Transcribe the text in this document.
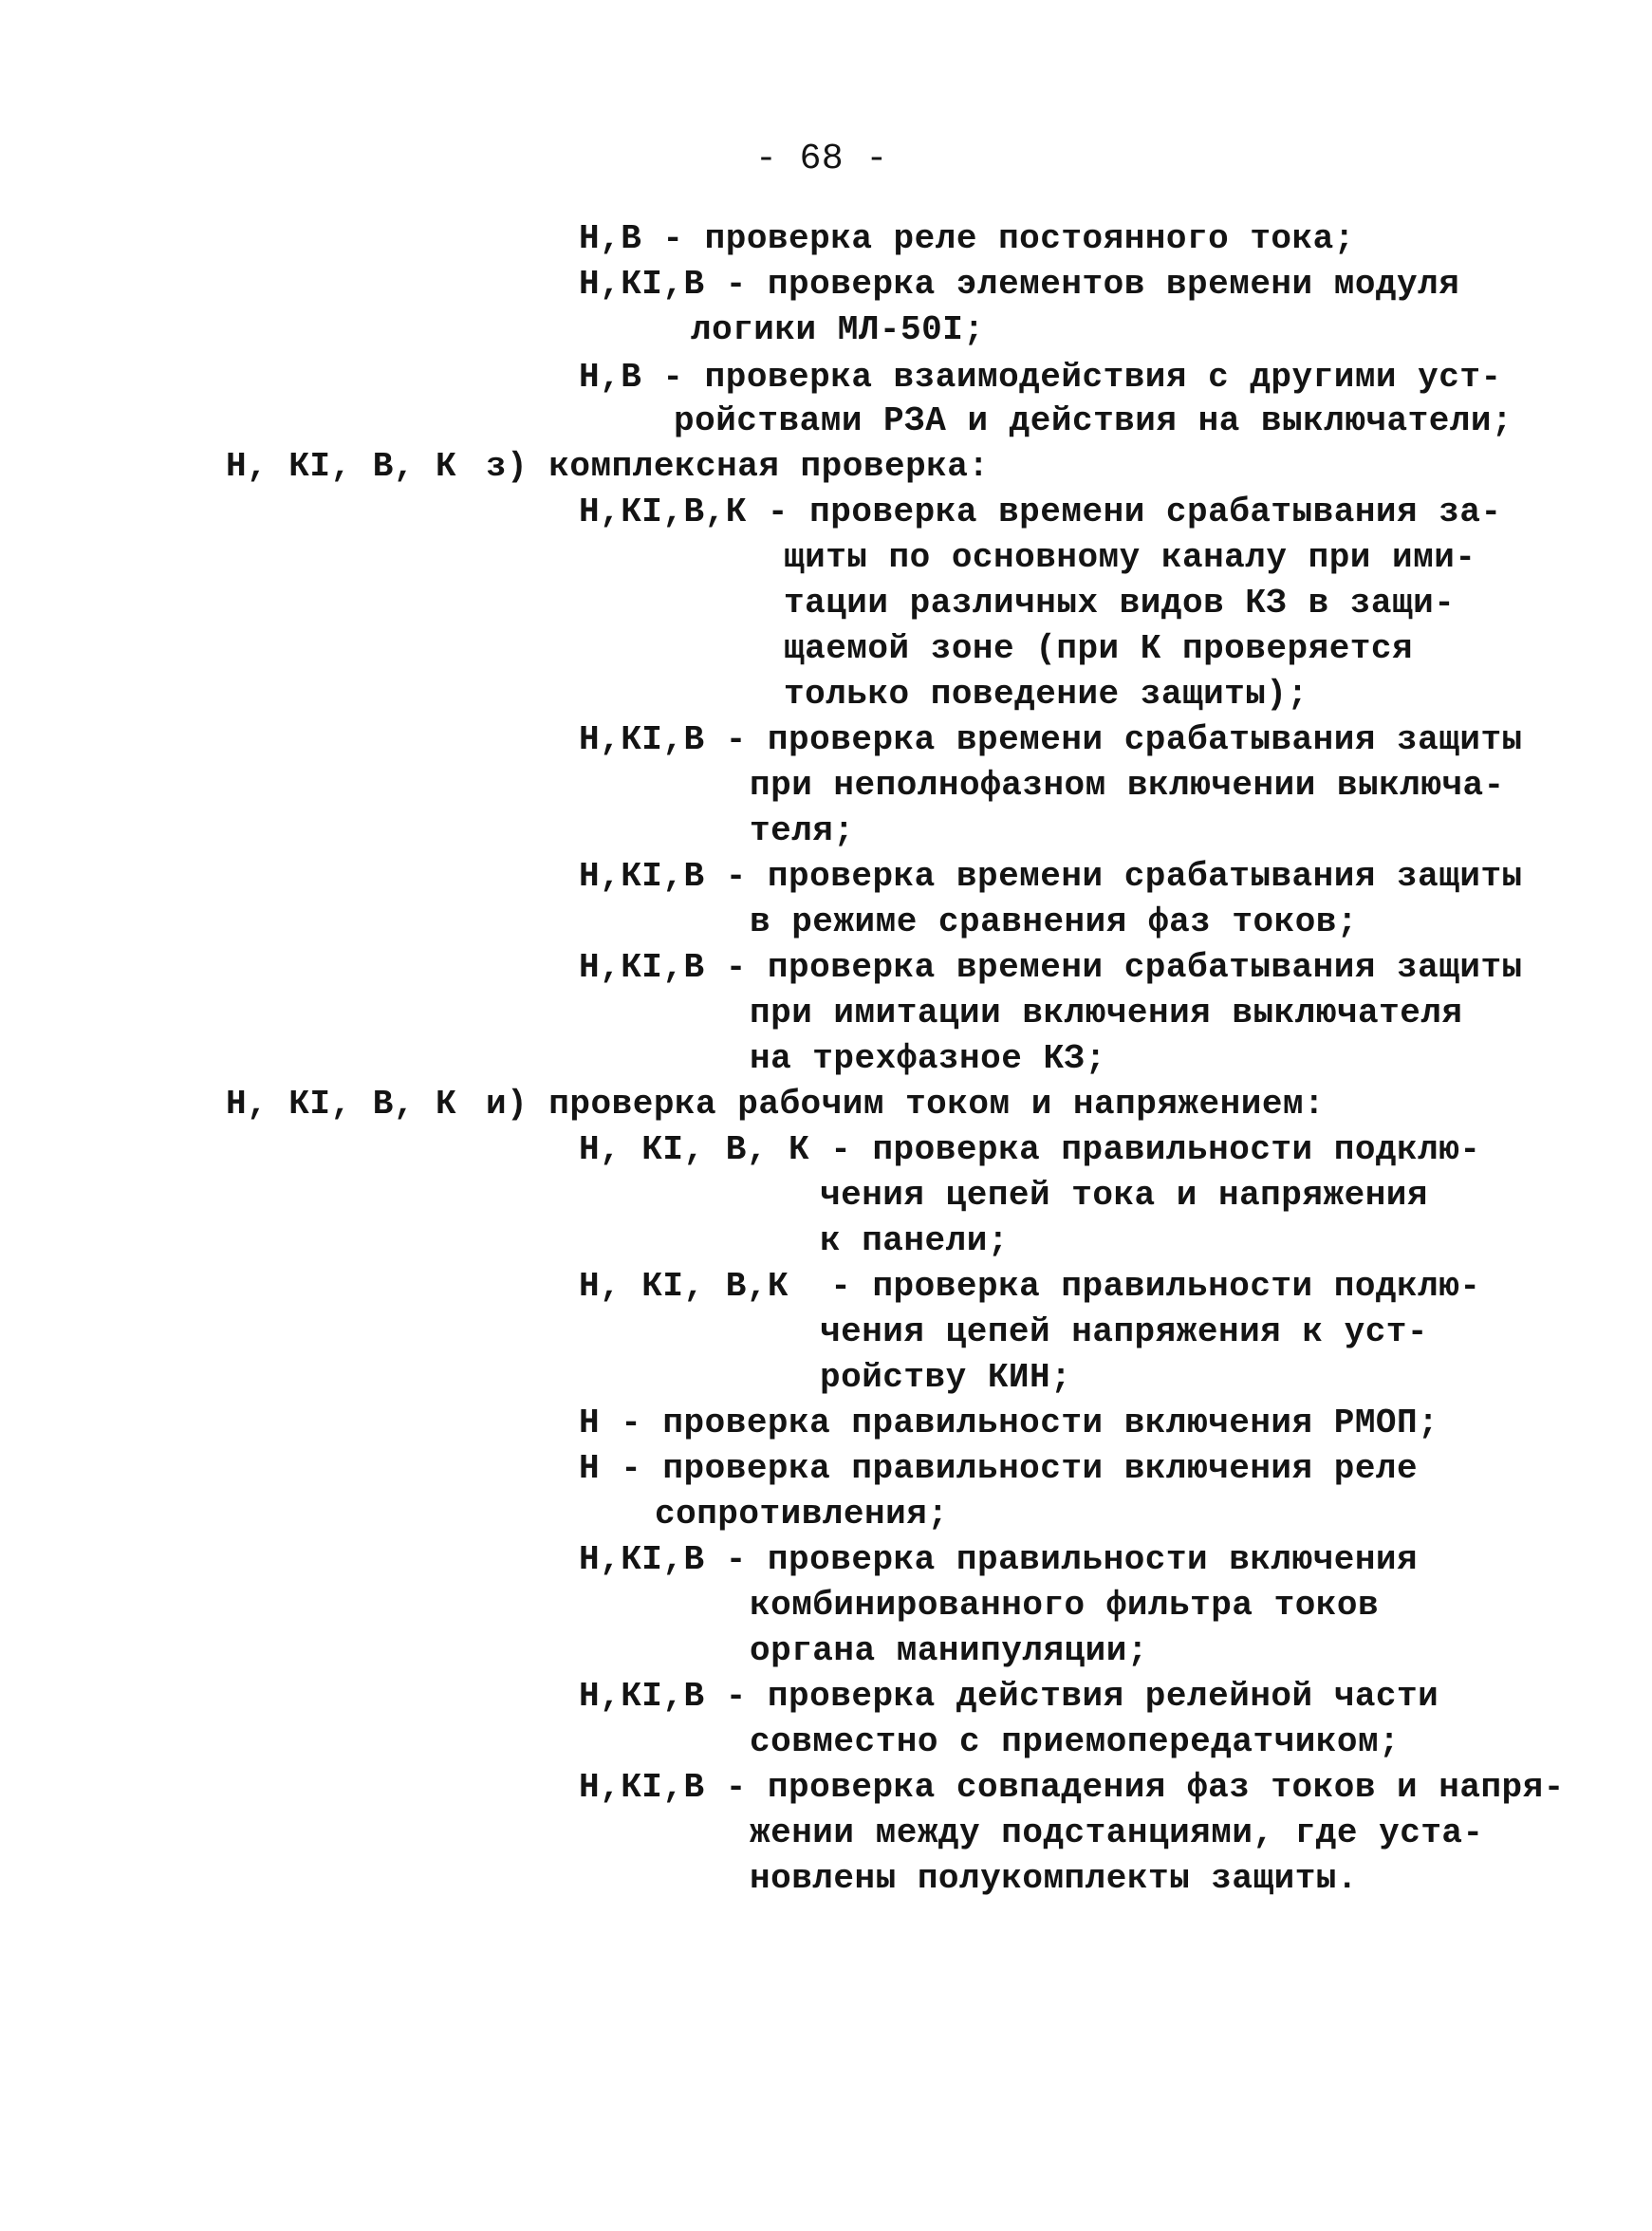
- 68 -
Н,В - проверка реле постоянного тока;
Н,КI,В - проверка элементов времени модуля
логики МЛ-50I;
Н,В - проверка взаимодействия с другими уст-
ройствами РЗА и действия на выключатели;
Н, КI, В, К з) комплексная проверка:
Н,КI,В,К - проверка времени срабатывания за-
щиты по основному каналу при ими-
тации различных видов КЗ в защи-
щаемой зоне (при К проверяется
только поведение защиты);
Н,КI,В - проверка времени срабатывания защиты
при неполнофазном включении выключа-
теля;
Н,КI,В - проверка времени срабатывания защиты
в режиме сравнения фаз токов;
Н,КI,В - проверка времени срабатывания защиты
при имитации включения выключателя
на трехфазное КЗ;
Н, КI, В, К и) проверка рабочим током и напряжением:
Н, КI, В, К - проверка правильности подклю-
чения цепей тока и напряжения
к панели;
Н, КI, В,К  - проверка правильности подклю-
чения цепей напряжения к уст-
ройству КИН;
Н - проверка правильности включения РМОП;
Н - проверка правильности включения реле
сопротивления;
Н,КI,В - проверка правильности включения
комбинированного фильтра токов
органа манипуляции;
Н,КI,В - проверка действия релейной части
совместно с приемопередатчиком;
Н,КI,В - проверка совпадения фаз токов и напря-
жении между подстанциями, где уста-
новлены полукомплекты защиты.
